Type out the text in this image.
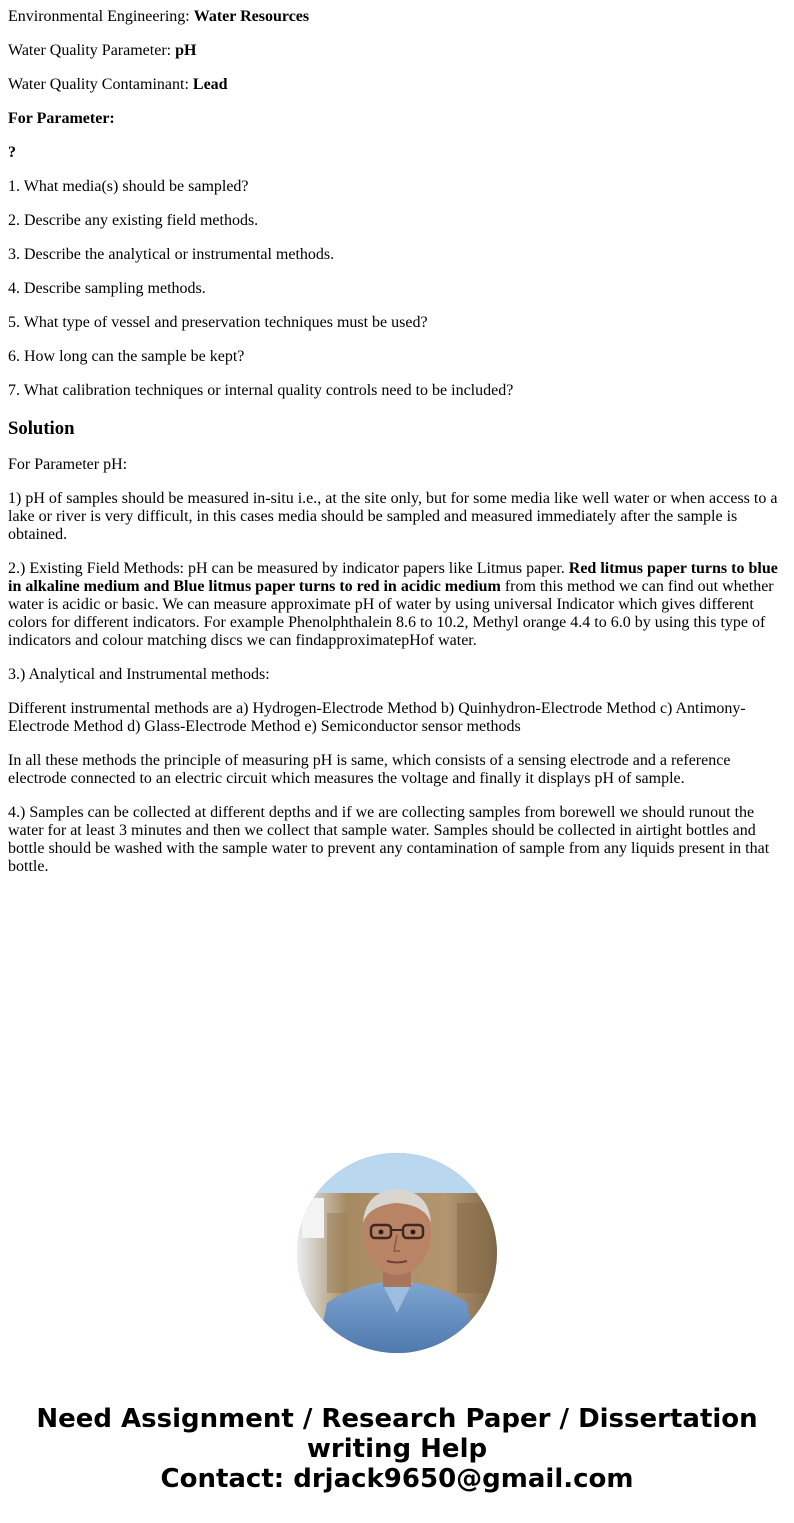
Environmental Engineering: Water Resources

Water Quality Parameter: pH

Water Quality Contaminant: Lead

For Parameter:

?

1. What media(s) should be sampled?

2. Describe any existing field methods.

3. Describe the analytical or instrumental methods.

4. Describe sampling methods.

5. What type of vessel and preservation techniques must be used?

6. How long can the sample be kept?

7. What calibration techniques or internal quality controls need to be included?

Solution

For Parameter pH:

1) pH of samples should be measured in-situ i.e., at the site only, but for some media like well water or when access to a lake or river is very difficult, in this cases media should be sampled and measured immediately after the sample is obtained.

2.) Existing Field Methods: pH can be measured by indicator papers like Litmus paper. Red litmus paper turns to blue in alkaline medium and Blue litmus paper turns to red in acidic medium from this method we can find out whether water is acidic or basic. We can measure approximate pH of water by using universal Indicator which gives different colors for different indicators. For example Phenolphthalein 8.6 to 10.2, Methyl orange 4.4 to 6.0 by using this type of indicators and colour matching discs we can findapproximatepHof water.

3.) Analytical and Instrumental methods:

Different instrumental methods are a) Hydrogen-Electrode Method b) Quinhydron-Electrode Method c) Antimony-Electrode Method d) Glass-Electrode Method e) Semiconductor sensor methods

In all these methods the principle of measuring pH is same, which consists of a sensing electrode and a reference electrode connected to an electric circuit which measures the voltage and finally it displays pH of sample.

4.) Samples can be collected at different depths and if we are collecting samples from borewell we should runout the water for at least 3 minutes and then we collect that sample water. Samples should be collected in airtight bottles and bottle should be washed with the sample water to prevent any contamination of sample from any liquids present in that bottle.

Need Assignment / Research Paper / Dissertation
writing Help
Contact: drjack9650@gmail.com
